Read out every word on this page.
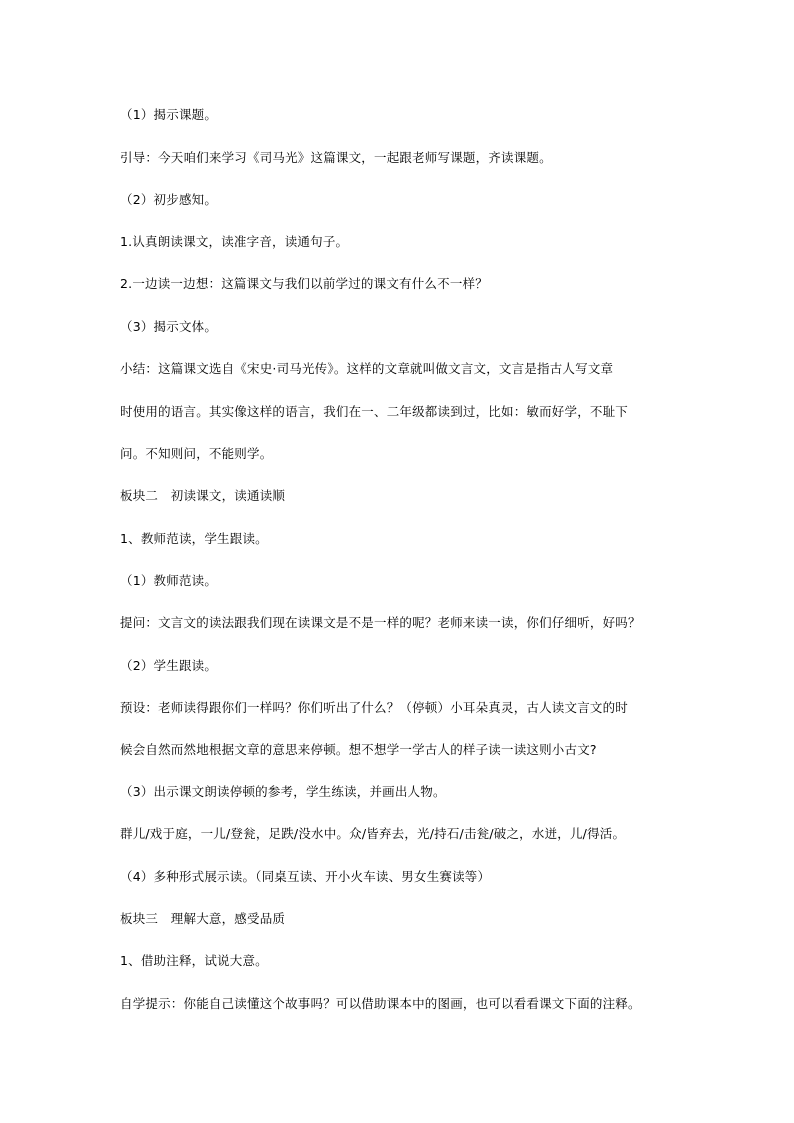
（1）揭示课题。
引导：今天咱们来学习《司马光》这篇课文，一起跟老师写课题，齐读课题。
（2）初步感知。
1.认真朗读课文，读准字音，读通句子。
2.一边读一边想：这篇课文与我们以前学过的课文有什么不一样？
（3）揭示文体。
小结：这篇课文选自《宋史·司马光传》。这样的文章就叫做文言文，文言是指古人写文章
时使用的语言。其实像这样的语言，我们在一、二年级都读到过，比如：敏而好学，不耻下
问。不知则问，不能则学。
板块二　初读课文，读通读顺
1、教师范读，学生跟读。
（1）教师范读。
提问：文言文的读法跟我们现在读课文是不是一样的呢？老师来读一读，你们仔细听，好吗？
（2）学生跟读。
预设：老师读得跟你们一样吗？你们听出了什么？（停顿）小耳朵真灵，古人读文言文的时
候会自然而然地根据文章的意思来停顿。想不想学一学古人的样子读一读这则小古文?
（3）出示课文朗读停顿的参考，学生练读，并画出人物。
群儿/戏于庭，一儿/登瓮，足跌/没水中。众/皆弃去，光/持石/击瓮/破之，水迸，儿/得活。
（4）多种形式展示读。（同桌互读、开小火车读、男女生赛读等）
板块三　理解大意，感受品质
1、借助注释，试说大意。
自学提示：你能自己读懂这个故事吗？可以借助课本中的图画，也可以看看课文下面的注释。
